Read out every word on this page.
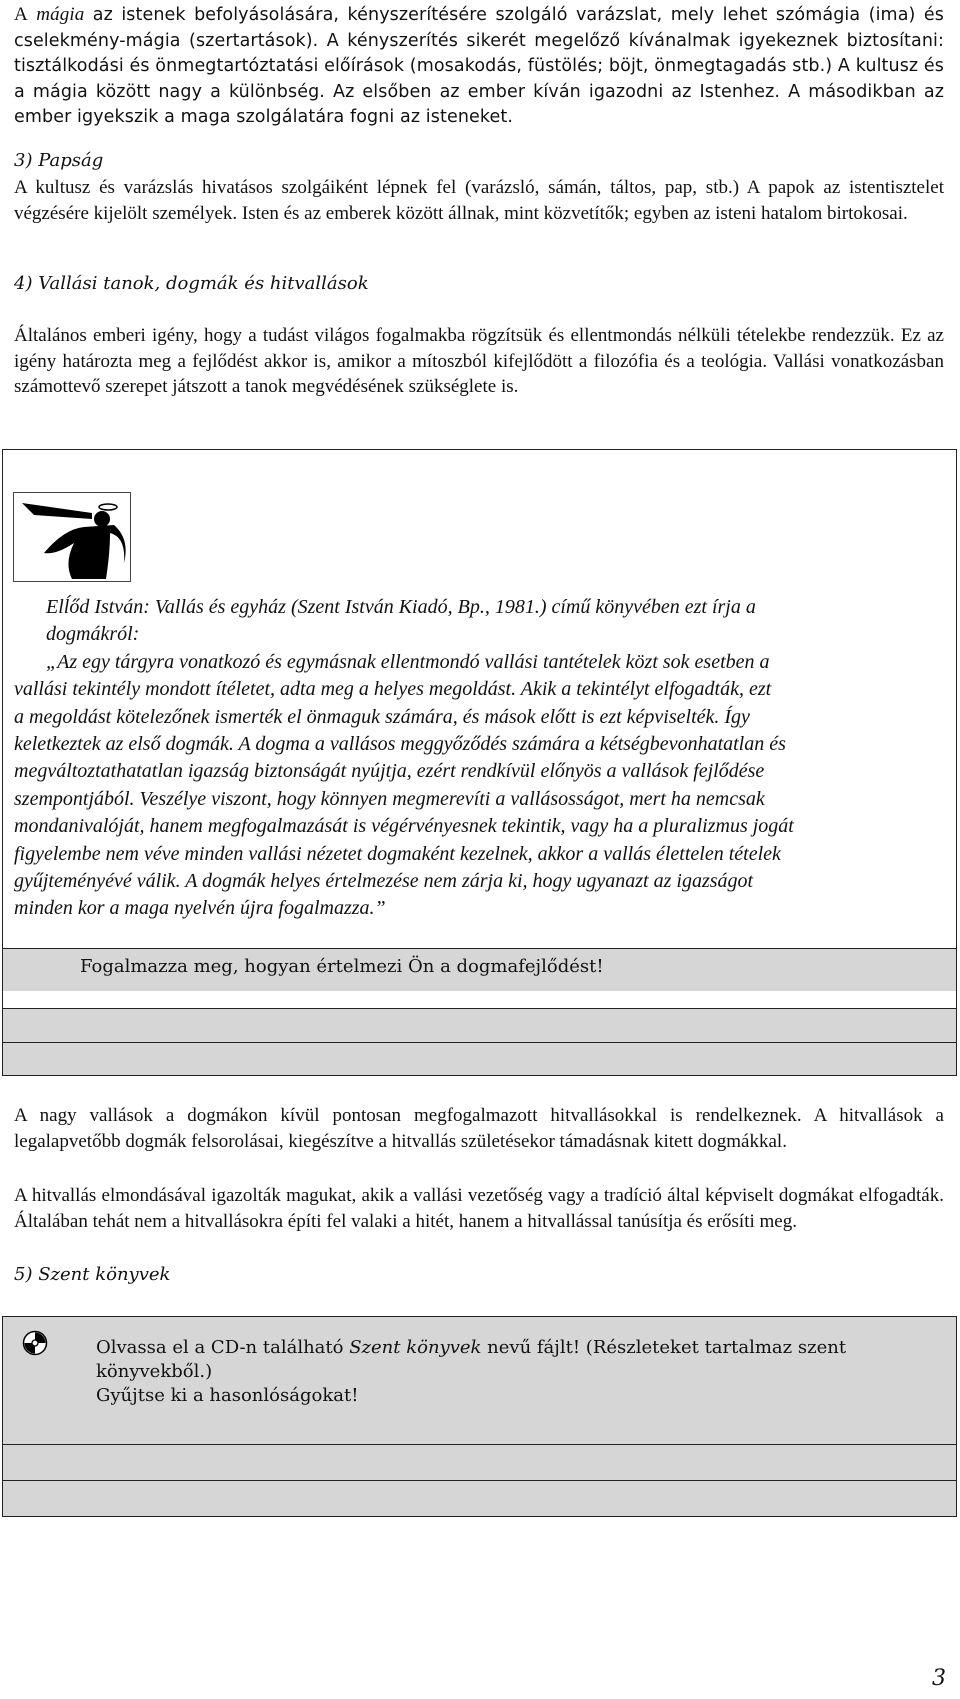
A mágia az istenek befolyásolására, kényszerítésére szolgáló varázslat, mely lehet szómágia (ima) és cselekmény-mágia (szertartások). A kényszerítés sikerét megelőző kívánalmak igyekeznek biztosítani: tisztálkodási és önmegtartóztatási előírások (mosakodás, füstölés; böjt, önmegtagadás stb.) A kultusz és a mágia között nagy a különbség. Az elsőben az ember kíván igazodni az Istenhez. A másodikban az ember igyekszik a maga szolgálatára fogni az isteneket.

3) Papság
A kultusz és varázslás hivatásos szolgáiként lépnek fel (varázsló, sámán, táltos, pap, stb.) A papok az istentisztelet végzésére kijelölt személyek. Isten és az emberek között állnak, mint közvetítők; egyben az isteni hatalom birtokosai.
4) Vallási tanok, dogmák és hitvallások
Általános emberi igény, hogy a tudást világos fogalmakba rögzítsük és ellentmondás nélküli tételekbe rendezzük. Ez az igény határozta meg a fejlődést akkor is, amikor a mítoszból kifejlődött a filozófia és a teológia. Vallási vonatkozásban számottevő szerepet játszott a tanok megvédésének szükséglete is.
Elĺőd István: Vallás és egyház (Szent István Kiadó, Bp., 1981.) című könyvében ezt írja a
dogmákról:
„Az egy tárgyra vonatkozó és egymásnak ellentmondó vallási tantételek közt sok esetben a
vallási tekintély mondott ítéletet, adta meg a helyes megoldást. Akik a tekintélyt elfogadták, ezt
a megoldást kötelezőnek ismerték el önmaguk számára, és mások előtt is ezt képviselték. Így
keletkeztek az első dogmák. A dogma a vallásos meggyőződés számára a kétségbevonhatatlan és
megváltoztathatatlan igazság biztonságát nyújtja, ezért rendkívül előnyös a vallások fejlődése
szempontjából. Veszélye viszont, hogy könnyen megmerevíti a vallásosságot, mert ha nemcsak
mondanivalóját, hanem megfogalmazását is végérvényesnek tekintik, vagy ha a pluralizmus jogát
figyelembe nem véve minden vallási nézetet dogmaként kezelnek, akkor a vallás élettelen tételek
gyűjteményévé válik. A dogmák helyes értelmezése nem zárja ki, hogy ugyanazt az igazságot
minden kor a maga nyelvén újra fogalmazza.”
Fogalmazza meg, hogyan értelmezi Ön a dogmafejlődést!
A nagy vallások a dogmákon kívül pontosan megfogalmazott hitvallásokkal is rendelkeznek. A hitvallások a legalapvetőbb dogmák felsorolásai, kiegészítve a hitvallás születésekor támadásnak kitett dogmákkal.
A hitvallás elmondásával igazolták magukat, akik a vallási vezetőség vagy a tradíció által képviselt dogmákat elfogadták. Általában tehát nem a hitvallásokra építi fel valaki a hitét, hanem a hitvallással tanúsítja és erősíti meg.
5) Szent könyvek
Olvassa el a CD-n található Szent könyvek nevű fájlt! (Részleteket tartalmaz szent könyvekből.)
Gyűjtse ki a hasonlóságokat!
3
